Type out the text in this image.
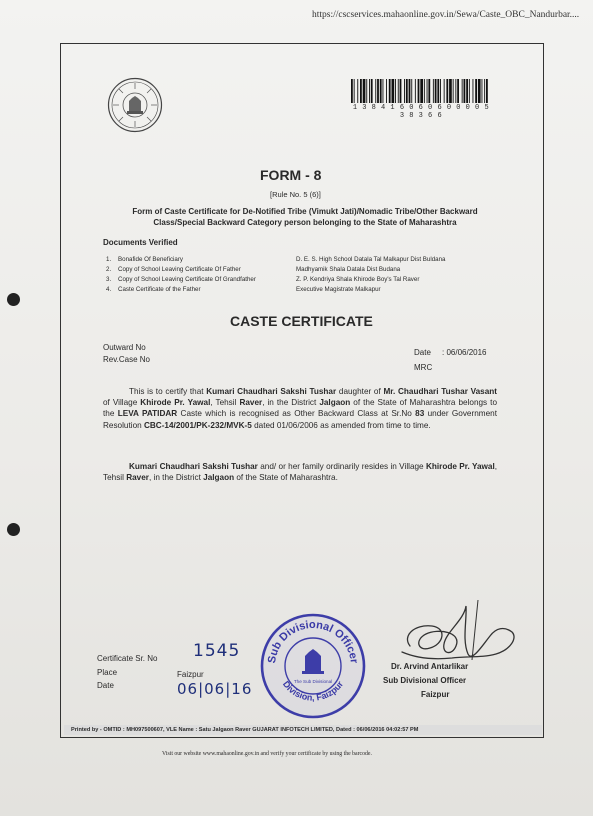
https://cscservices.mahaonline.gov.in/Sewa/Caste_OBC_Nandurbar....
1 3 8 4 1 6 0 6 0 6 0 0 0 0 5 3 8 3 6 6
FORM - 8
[Rule No. 5 (6)]
Form of Caste Certificate for De-Notified Tribe (Vimukt Jati)/Nomadic Tribe/Other Backward Class/Special Backward Category person belonging to the State of Maharashtra
Documents Verified
1. Bonafide Of Beneficiary	D. E. S. High School Datala Tal Malkapur Dist Buldana
2. Copy of School Leaving Certificate Of Father	Madhyamik Shala Datala Dist Budana
3. Copy of School Leaving Certificate Of Grandfather	Z. P. Kendriya Shala Khirode Boy's Tal Raver
4. Caste Certificate of the Father	Executive Magistrate Malkapur
CASTE CERTIFICATE
Outward No
Rev.Case No
Date : 06/06/2016
MRC
This is to certify that Kumari Chaudhari Sakshi Tushar daughter of Mr. Chaudhari Tushar Vasant of Village Khirode Pr. Yawal, Tehsil Raver, in the District Jalgaon of the State of Maharashtra belongs to the LEVA PATIDAR Caste which is recognised as Other Backward Class at Sr.No 83 under Government Resolution CBC-14/2001/PK-232/MVK-5 dated 01/06/2006 as amended from time to time.
Kumari Chaudhari Sakshi Tushar and/ or her family ordinarily resides in Village Khirode Pr. Yawal, Tehsil Raver, in the District Jalgaon of the State of Maharashtra.
Certificate Sr. No 1545
Place	Faizpur
Date	06|06|16
Sub Divisional Officer
Division, Faizpur
The Sub Divisional
Dr. Arvind Antarlikar
Sub Divisional Officer
Faizpur
Printed by - OMTID : MH097500607, VLE Name : Satu Jalgaon Raver GUJARAT INFOTECH LIMITED, Dated : 06/06/2016 04:02:57 PM
Visit our website www.mahaonline.gov.in and verify your certificate by using the barcode.
